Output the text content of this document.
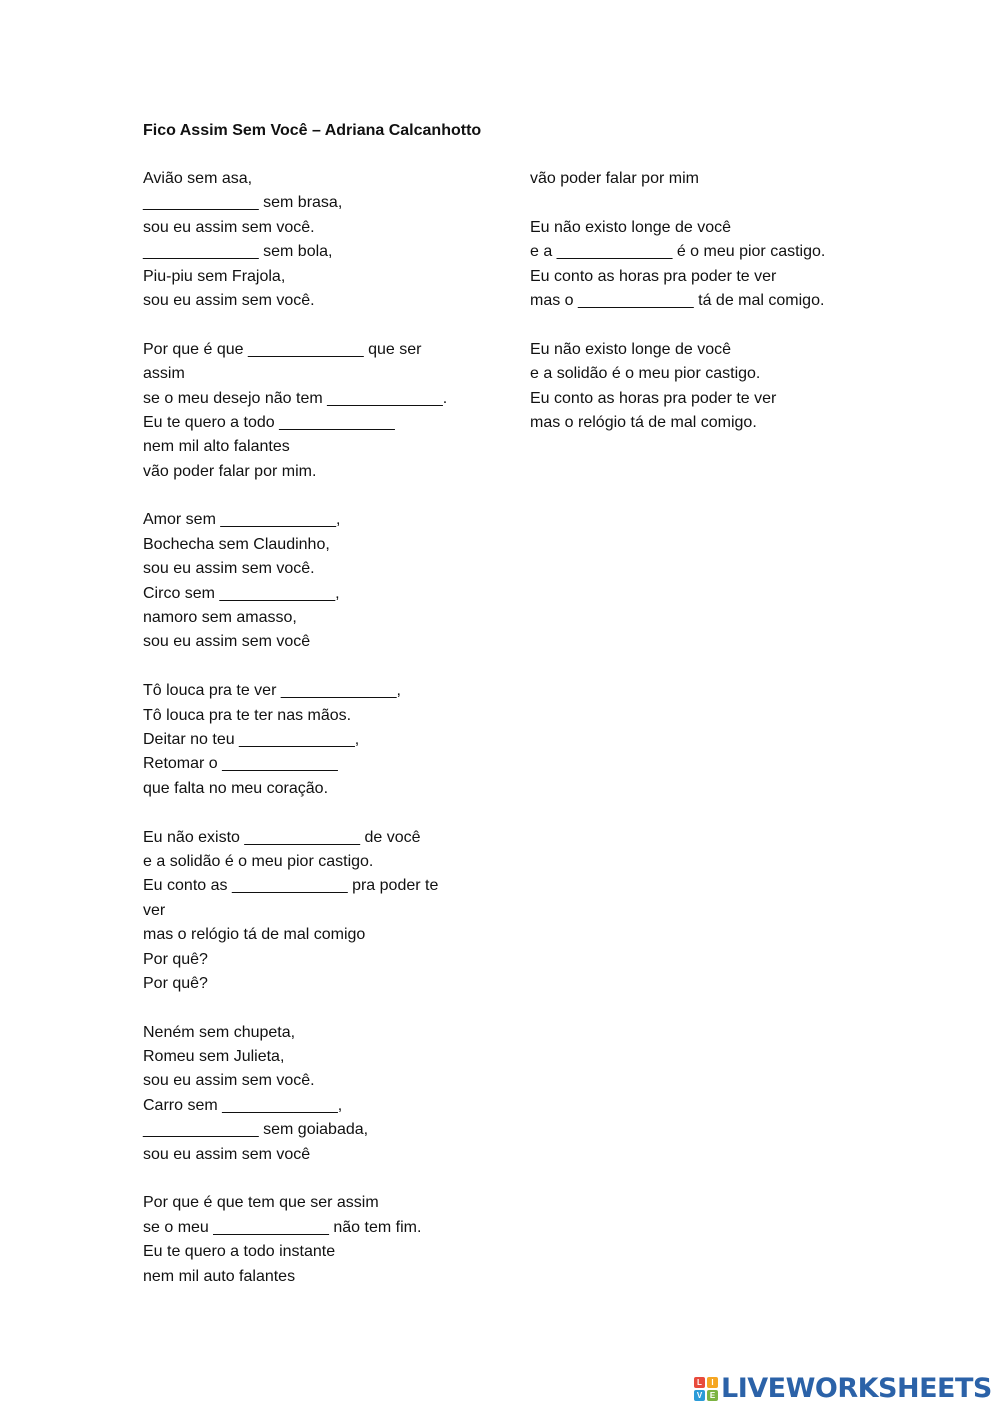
Fico Assim Sem Você – Adriana Calcanhotto
Avião sem asa,
_____________ sem brasa,
sou eu assim sem você.
_____________ sem bola,
Piu-piu sem Frajola,
sou eu assim sem você.
Por que é que _____________ que ser
assim
se o meu desejo não tem _____________.
Eu te quero a todo _____________
nem mil alto falantes
vão poder falar por mim.
Amor sem _____________,
Bochecha sem Claudinho,
sou eu assim sem você.
Circo sem _____________,
namoro sem amasso,
sou eu assim sem você
Tô louca pra te ver _____________,
Tô louca pra te ter nas mãos.
Deitar no teu _____________,
Retomar o _____________
que falta no meu coração.
Eu não existo _____________ de você
e a solidão é o meu pior castigo.
Eu conto as _____________ pra poder te
ver
mas o relógio tá de mal comigo
Por quê?
Por quê?
Neném sem chupeta,
Romeu sem Julieta,
sou eu assim sem você.
Carro sem _____________,
_____________ sem goiabada,
sou eu assim sem você
Por que é que tem que ser assim
se o meu _____________ não tem fim.
Eu te quero a todo instante
nem mil auto falantes
vão poder falar por mim
Eu não existo longe de você
e a _____________ é o meu pior castigo.
Eu conto as horas pra poder te ver
mas o _____________ tá de mal comigo.
Eu não existo longe de você
e a solidão é o meu pior castigo.
Eu conto as horas pra poder te ver
mas o relógio tá de mal comigo.
L	I
V E LIVEWORKSHEETS
